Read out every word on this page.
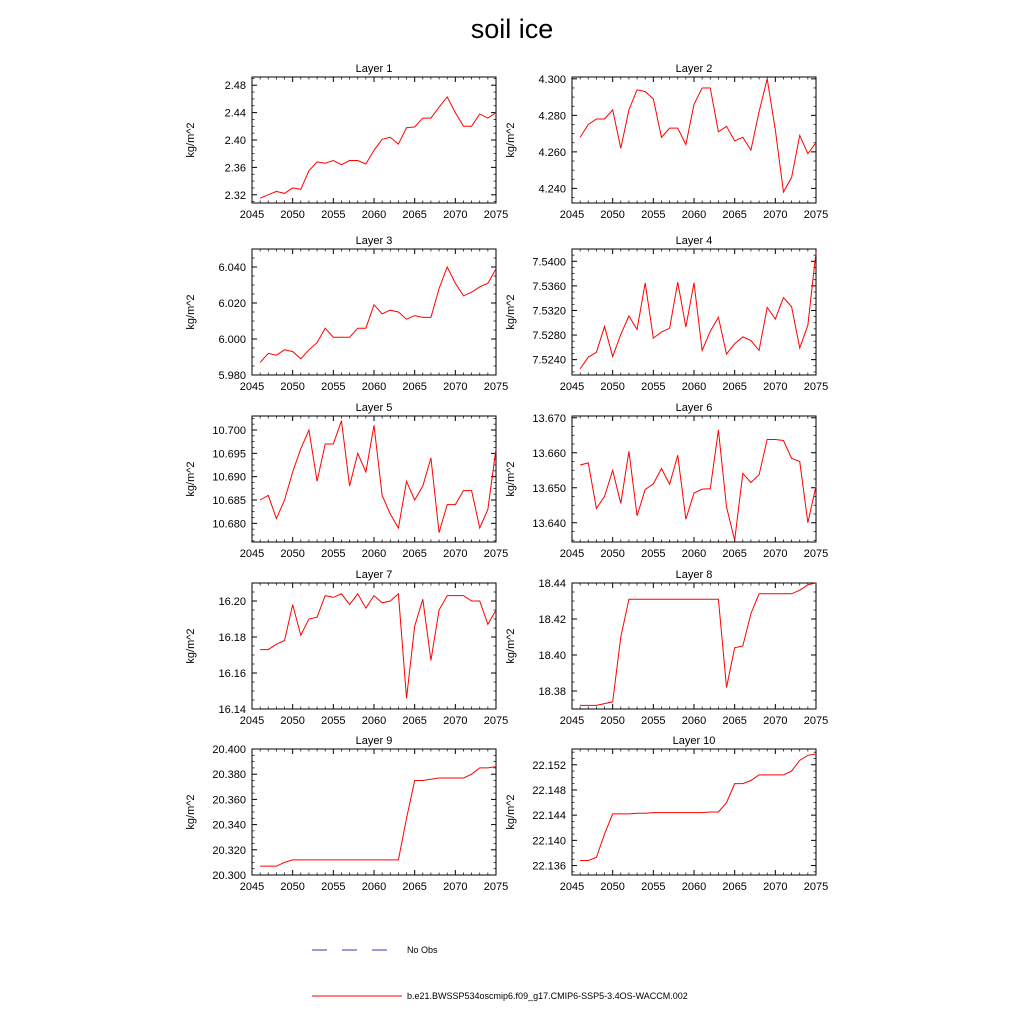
soil ice
Layer 1
kg/m^2
2045 2050 2055 2060 2065 2070 2075
2.32
2.36
2.40
2.44
2.48
Layer 2
kg/m^2
2045 2050 2055 2060 2065 2070 2075
4.240
4.260
4.280
4.300
Layer 3
kg/m^2
2045 2050 2055 2060 2065 2070 2075
5.980
6.000
6.020
6.040
Layer 4
kg/m^2
2045 2050 2055 2060 2065 2070 2075
7.5240
7.5280
7.5320
7.5360
7.5400
Layer 5
kg/m^2
2045 2050 2055 2060 2065 2070 2075
10.680
10.685
10.690
10.695
10.700
Layer 6
kg/m^2
2045 2050 2055 2060 2065 2070 2075
13.640
13.650
13.660
13.670
Layer 7
kg/m^2
2045 2050 2055 2060 2065 2070 2075
16.14
16.16
16.18
16.20
Layer 8
kg/m^2
2045 2050 2055 2060 2065 2070 2075
18.38
18.40
18.42
18.44
Layer 9
kg/m^2
2045 2050 2055 2060 2065 2070 2075
20.300
20.320
20.340
20.360
20.380
20.400
Layer 10
kg/m^2
2045 2050 2055 2060 2065 2070 2075
22.136
22.140
22.144
22.148
22.152
No Obs
b.e21.BWSSP534oscmip6.f09_g17.CMIP6-SSP5-3.4OS-WACCM.002
